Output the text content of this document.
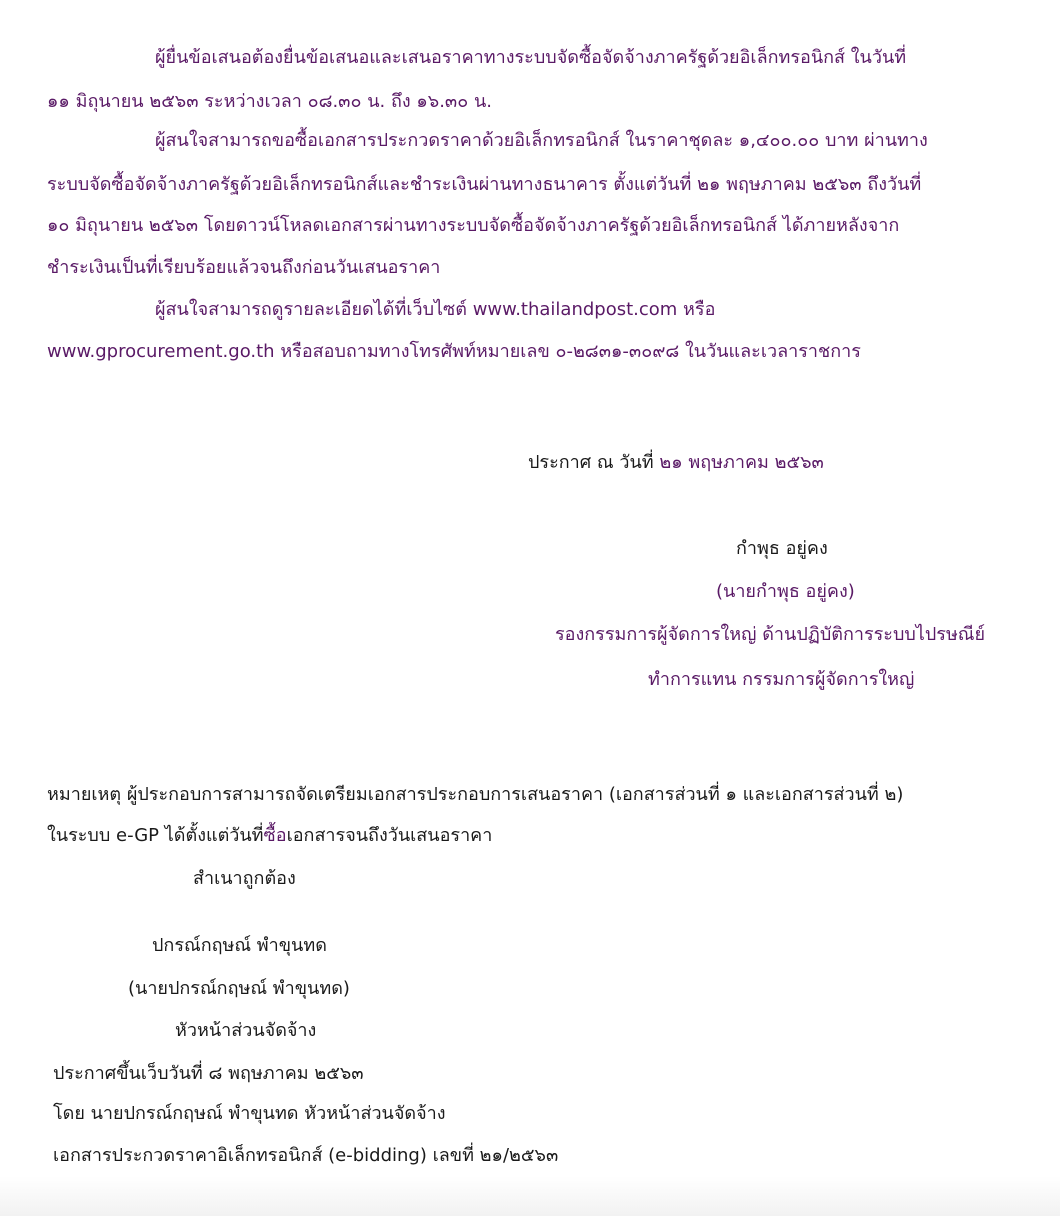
ผู้ยื่นข้อเสนอต้องยื่นข้อเสนอและเสนอราคาทางระบบจัดซื้อจัดจ้างภาครัฐด้วยอิเล็กทรอนิกส์ ในวันที่
๑๑ มิถุนายน ๒๕๖๓ ระหว่างเวลา ๐๘.๓๐ น. ถึง ๑๖.๓๐ น.
ผู้สนใจสามารถขอซื้อเอกสารประกวดราคาด้วยอิเล็กทรอนิกส์ ในราคาชุดละ ๑,๔๐๐.๐๐ บาท ผ่านทาง
ระบบจัดซื้อจัดจ้างภาครัฐด้วยอิเล็กทรอนิกส์และชำระเงินผ่านทางธนาคาร ตั้งแต่วันที่ ๒๑ พฤษภาคม ๒๕๖๓ ถึงวันที่
๑๐ มิถุนายน ๒๕๖๓ โดยดาวน์โหลดเอกสารผ่านทางระบบจัดซื้อจัดจ้างภาครัฐด้วยอิเล็กทรอนิกส์ ได้ภายหลังจาก
ชำระเงินเป็นที่เรียบร้อยแล้วจนถึงก่อนวันเสนอราคา
ผู้สนใจสามารถดูรายละเอียดได้ที่เว็บไซต์ www.thailandpost.com หรือ
www.gprocurement.go.th หรือสอบถามทางโทรศัพท์หมายเลข ๐-๒๘๓๑-๓๐๙๘ ในวันและเวลาราชการ
ประกาศ ณ วันที่ ๒๑ พฤษภาคม ๒๕๖๓
กำพุธ อยู่คง
(นายกำพุธ อยู่คง)
รองกรรมการผู้จัดการใหญ่ ด้านปฏิบัติการระบบไปรษณีย์
ทำการแทน กรรมการผู้จัดการใหญ่
หมายเหตุ ผู้ประกอบการสามารถจัดเตรียมเอกสารประกอบการเสนอราคา (เอกสารส่วนที่ ๑ และเอกสารส่วนที่ ๒)
ในระบบ e-GP ได้ตั้งแต่วันที่ซื้อเอกสารจนถึงวันเสนอราคา
สำเนาถูกต้อง
ปกรณ์กฤษณ์ พำขุนทด
(นายปกรณ์กฤษณ์ พำขุนทด)
หัวหน้าส่วนจัดจ้าง
ประกาศขึ้นเว็บวันที่ ๘ พฤษภาคม ๒๕๖๓
โดย นายปกรณ์กฤษณ์ พำขุนทด หัวหน้าส่วนจัดจ้าง
เอกสารประกวดราคาอิเล็กทรอนิกส์ (e-bidding) เลขที่ ๒๑/๒๕๖๓
